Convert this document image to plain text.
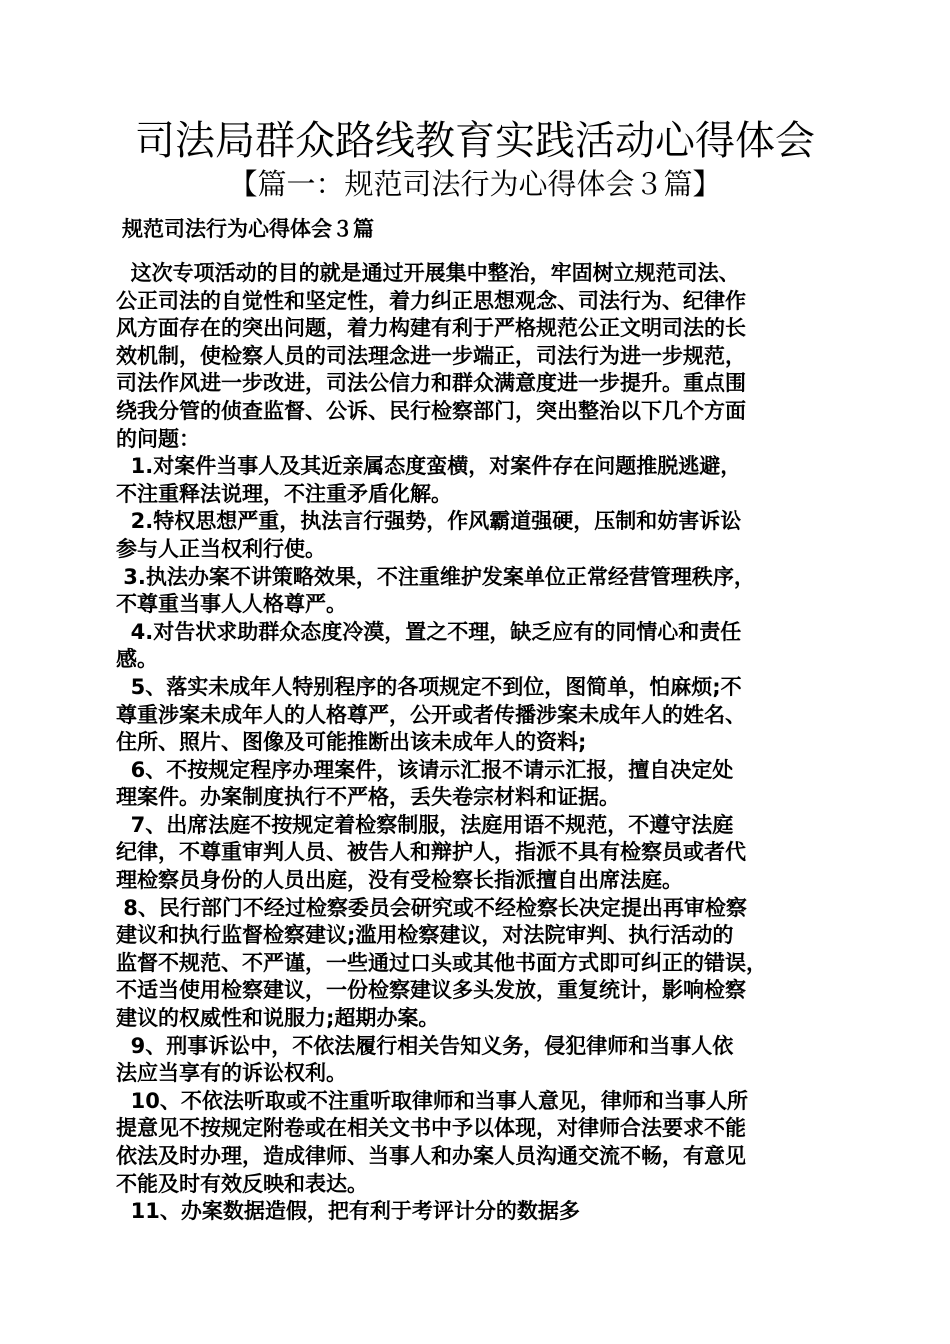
司法局群众路线教育实践活动心得体会
【篇一：规范司法行为心得体会３篇】
规范司法行为心得体会３篇
这次专项活动的目的就是通过开展集中整治，牢固树立规范司法、
公正司法的自觉性和坚定性，着力纠正思想观念、司法行为、纪律作
风方面存在的突出问题，着力构建有利于严格规范公正文明司法的长
效机制，使检察人员的司法理念进一步端正，司法行为进一步规范，
司法作风进一步改进，司法公信力和群众满意度进一步提升。重点围
绕我分管的侦查监督、公诉、民行检察部门，突出整治以下几个方面
的问题：
1.对案件当事人及其近亲属态度蛮横，对案件存在问题推脱逃避，
不注重释法说理，不注重矛盾化解。
2.特权思想严重，执法言行强势，作风霸道强硬，压制和妨害诉讼
参与人正当权利行使。
3.执法办案不讲策略效果，不注重维护发案单位正常经营管理秩序，
不尊重当事人人格尊严。
4.对告状求助群众态度冷漠，置之不理，缺乏应有的同情心和责任
感。
5、落实未成年人特别程序的各项规定不到位，图简单，怕麻烦;不
尊重涉案未成年人的人格尊严，公开或者传播涉案未成年人的姓名、
住所、照片、图像及可能推断出该未成年人的资料;
6、不按规定程序办理案件，该请示汇报不请示汇报，擅自决定处
理案件。办案制度执行不严格，丢失卷宗材料和证据。
7、出席法庭不按规定着检察制服，法庭用语不规范，不遵守法庭
纪律，不尊重审判人员、被告人和辩护人，指派不具有检察员或者代
理检察员身份的人员出庭，没有受检察长指派擅自出席法庭。
8、民行部门不经过检察委员会研究或不经检察长决定提出再审检察
建议和执行监督检察建议;滥用检察建议，对法院审判、执行活动的
监督不规范、不严谨，一些通过口头或其他书面方式即可纠正的错误，
不适当使用检察建议，一份检察建议多头发放，重复统计，影响检察
建议的权威性和说服力;超期办案。
9、刑事诉讼中，不依法履行相关告知义务，侵犯律师和当事人依
法应当享有的诉讼权利。
10、不依法听取或不注重听取律师和当事人意见，律师和当事人所
提意见不按规定附卷或在相关文书中予以体现，对律师合法要求不能
依法及时办理，造成律师、当事人和办案人员沟通交流不畅，有意见
不能及时有效反映和表达。
11、办案数据造假，把有利于考评计分的数据多
